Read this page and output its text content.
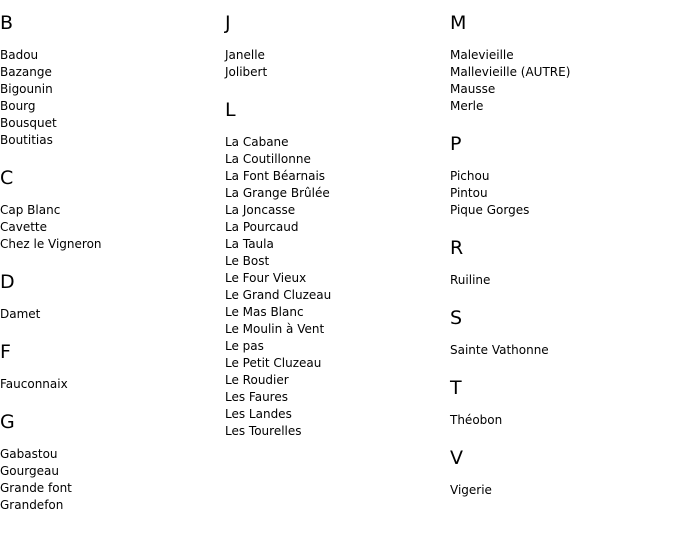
B
Badou
Bazange
Bigounin
Bourg
Bousquet
Boutitias
C
Cap Blanc
Cavette
Chez le Vigneron
D
Damet
F
Fauconnaix
G
Gabastou
Gourgeau
Grande font
Grandefon
J
Janelle
Jolibert
L
La Cabane
La Coutillonne
La Font Béarnais
La Grange Brûlée
La Joncasse
La Pourcaud
La Taula
Le Bost
Le Four Vieux
Le Grand Cluzeau
Le Mas Blanc
Le Moulin à Vent
Le pas
Le Petit Cluzeau
Le Roudier
Les Faures
Les Landes
Les Tourelles
M
Malevieille
Mallevieille (AUTRE)
Mausse
Merle
P
Pichou
Pintou
Pique Gorges
R
Ruiline
S
Sainte Vathonne
T
Théobon
V
Vigerie
